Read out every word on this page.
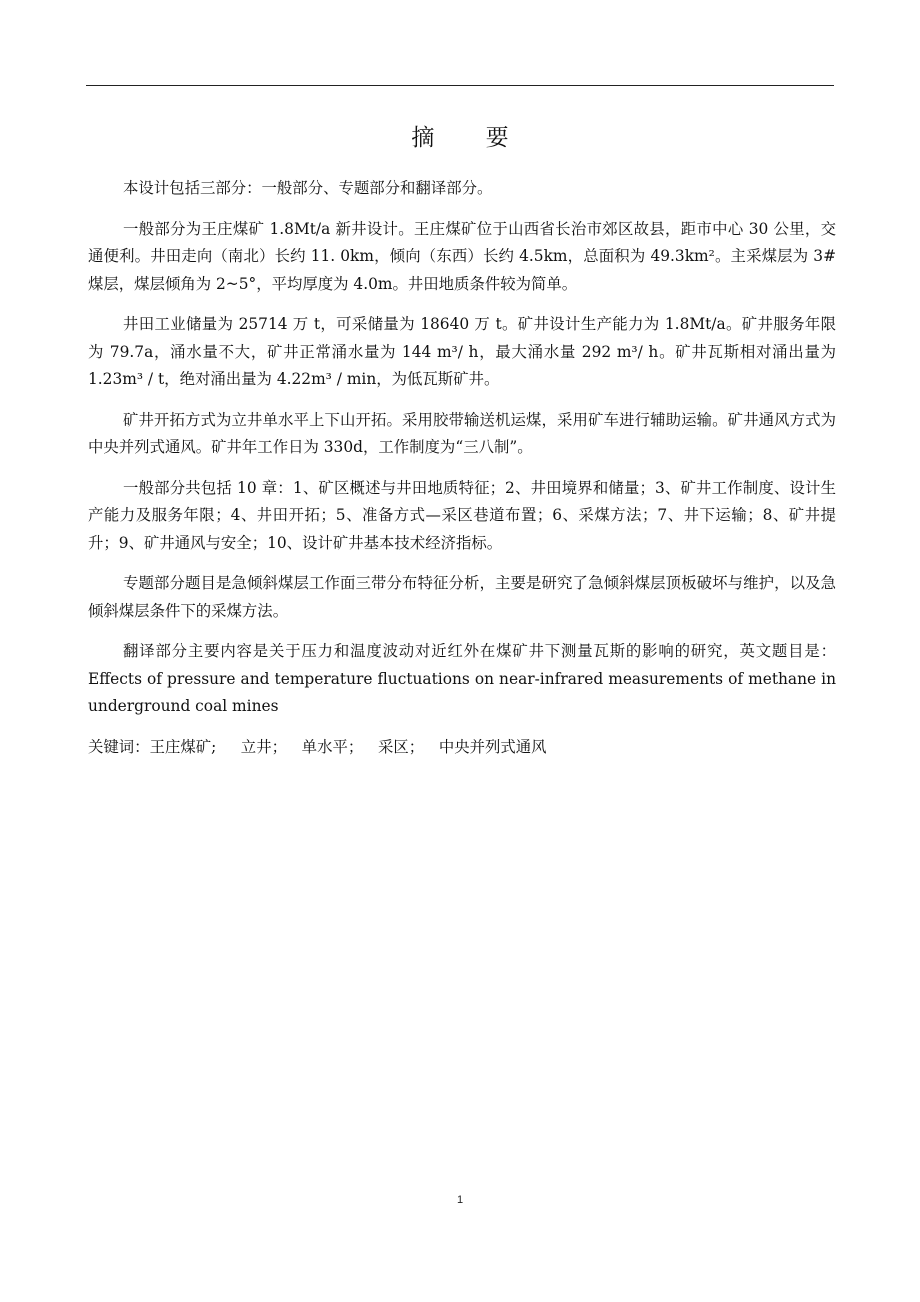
摘 要

本设计包括三部分：一般部分、专题部分和翻译部分。

一般部分为王庄煤矿 1.8Mt/a 新井设计。王庄煤矿位于山西省长治市郊区故县，距市中心 30 公里，交通便利。井田走向（南北）长约 11. 0km，倾向（东西）长约 4.5km，总面积为 49.3km²。主采煤层为 3#煤层，煤层倾角为 2~5°，平均厚度为 4.0m。井田地质条件较为简单。

井田工业储量为 25714 万 t，可采储量为 18640 万 t。矿井设计生产能力为 1.8Mt/a。矿井服务年限为 79.7a，涌水量不大，矿井正常涌水量为 144 m³/ h，最大涌水量 292 m³/ h。矿井瓦斯相对涌出量为 1.23m³ / t，绝对涌出量为 4.22m³ / min，为低瓦斯矿井。

矿井开拓方式为立井单水平上下山开拓。采用胶带输送机运煤，采用矿车进行辅助运输。矿井通风方式为中央并列式通风。矿井年工作日为 330d，工作制度为“三八制”。

一般部分共包括 10 章：1、矿区概述与井田地质特征；2、井田境界和储量；3、矿井工作制度、设计生产能力及服务年限；4、井田开拓；5、准备方式—采区巷道布置；6、采煤方法；7、井下运输；8、矿井提升；9、矿井通风与安全；10、设计矿井基本技术经济指标。

专题部分题目是急倾斜煤层工作面三带分布特征分析，主要是研究了急倾斜煤层顶板破坏与维护，以及急倾斜煤层条件下的采煤方法。

翻译部分主要内容是关于压力和温度波动对近红外在煤矿井下测量瓦斯的影响的研究，英文题目是：Effects of pressure and temperature fluctuations on near-infrared measurements of methane in underground coal mines

关键词：王庄煤矿; 立井； 单水平； 采区； 中央并列式通风
1
